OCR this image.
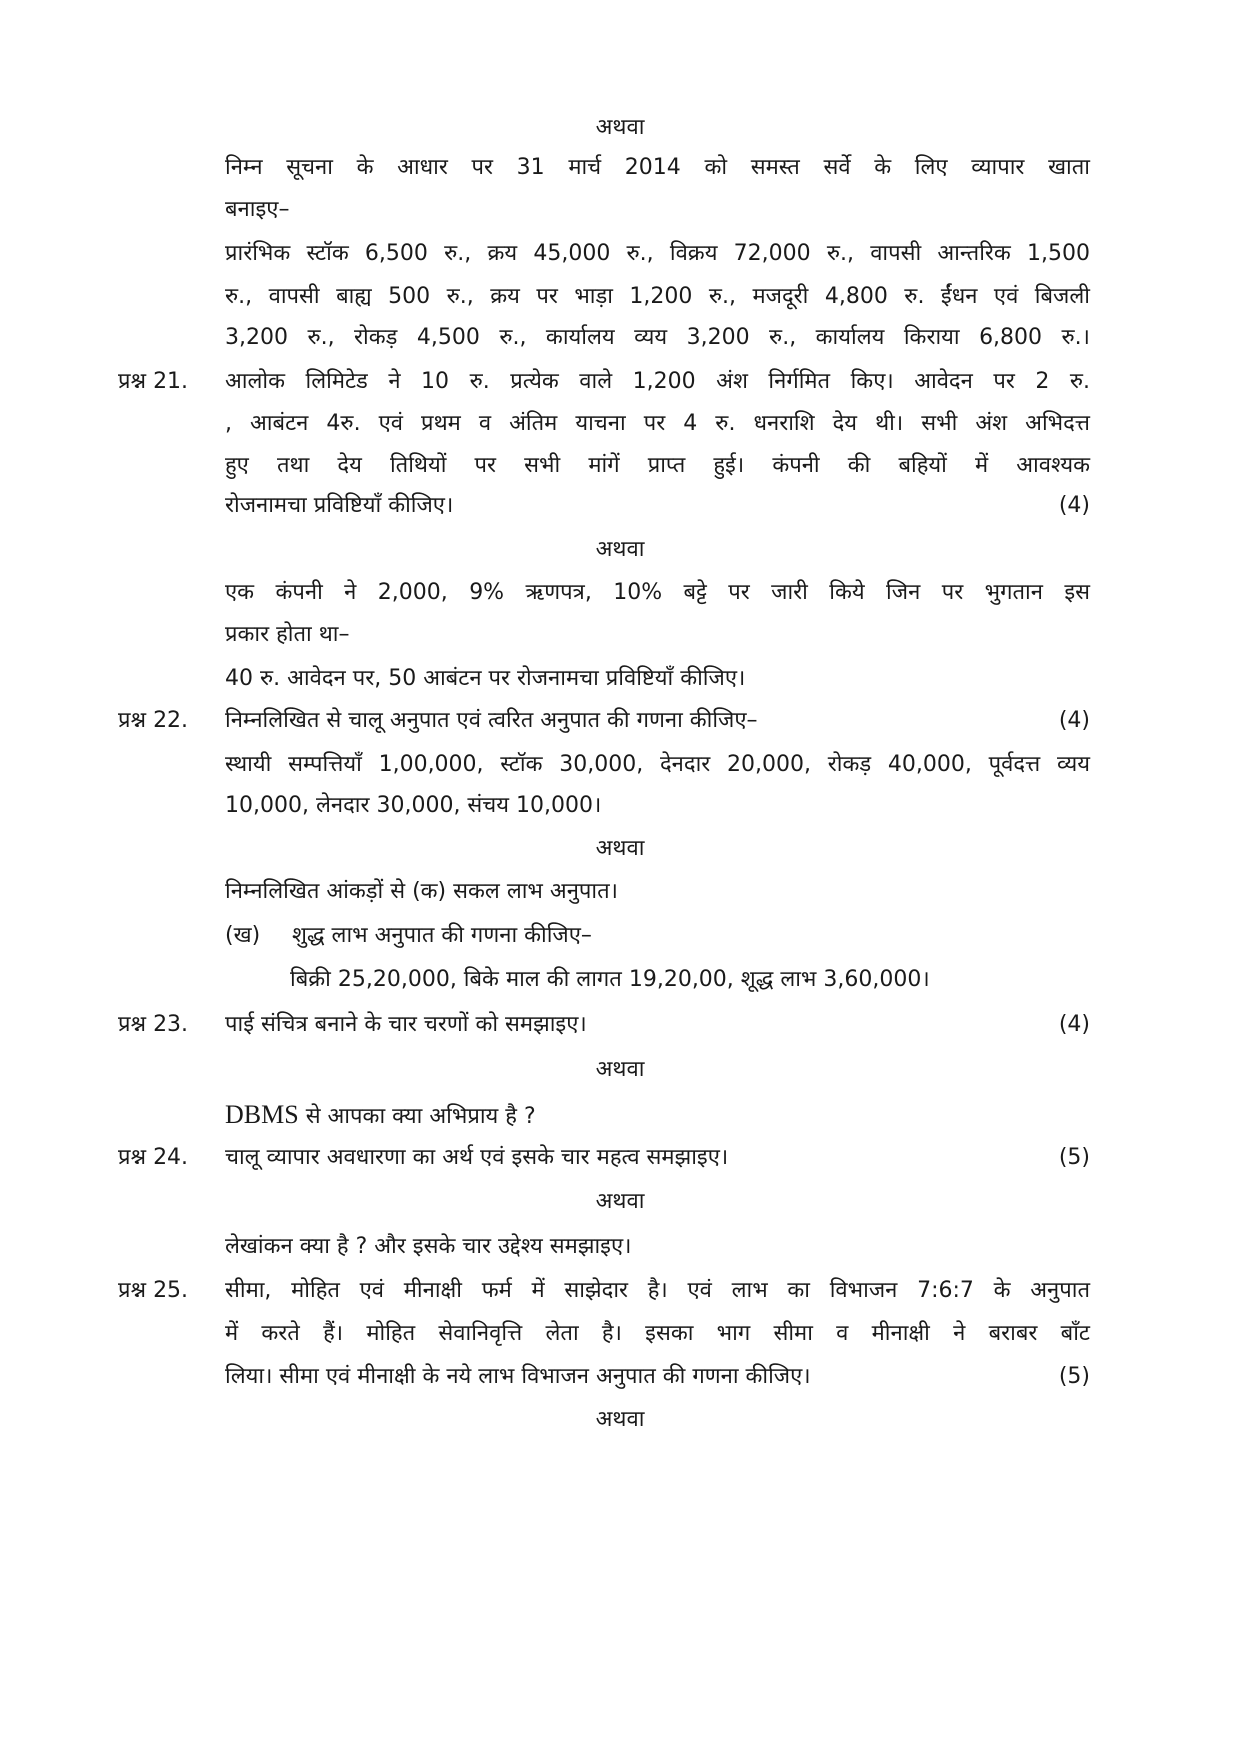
अथवा
निम्न सूचना के आधार पर 31 मार्च 2014 को समस्त सर्वे के लिए व्यापार खाता
बनाइए–
प्रारंभिक स्टॉक 6,500 रु., क्रय 45,000 रु., विक्रय 72,000 रु., वापसी आन्तरिक 1,500
रु., वापसी बाह्य 500 रु., क्रय पर भाड़ा 1,200 रु., मजदूरी 4,800 रु. ईंधन एवं बिजली
3,200 रु., रोकड़ 4,500 रु., कार्यालय व्यय 3,200 रु., कार्यालय किराया 6,800 रु.।
प्रश्न 21. आलोक लिमिटेड ने 10 रु. प्रत्येक वाले 1,200 अंश निर्गमित किए। आवेदन पर 2 रु.
, आबंटन 4रु. एवं प्रथम व अंतिम याचना पर 4 रु. धनराशि देय थी। सभी अंश अभिदत्त
हुए तथा देय तिथियों पर सभी मांगें प्राप्त हुई। कंपनी की बहियों में आवश्यक
रोजनामचा प्रविष्टियाँ कीजिए।	(4)
अथवा
एक कंपनी ने 2,000, 9% ऋणपत्र, 10% बट्टे पर जारी किये जिन पर भुगतान इस
प्रकार होता था–
40 रु. आवेदन पर, 50 आबंटन पर रोजनामचा प्रविष्टियाँ कीजिए।
प्रश्न 22. निम्नलिखित से चालू अनुपात एवं त्वरित अनुपात की गणना कीजिए–	(4)
स्थायी सम्पत्तियाँ 1,00,000, स्टॉक 30,000, देनदार 20,000, रोकड़ 40,000, पूर्वदत्त व्यय
10,000, लेनदार 30,000, संचय 10,000।
अथवा
निम्नलिखित आंकड़ों से (क) सकल लाभ अनुपात।
(ख) शुद्ध लाभ अनुपात की गणना कीजिए–
बिक्री 25,20,000, बिके माल की लागत 19,20,00, शूद्ध लाभ 3,60,000।
प्रश्न 23. पाई संचित्र बनाने के चार चरणों को समझाइए।	(4)
अथवा
DBMS से आपका क्या अभिप्राय है ?
प्रश्न 24. चालू व्यापार अवधारणा का अर्थ एवं इसके चार महत्व समझाइए।	(5)
अथवा
लेखांकन क्या है ? और इसके चार उद्देश्य समझाइए।
प्रश्न 25. सीमा, मोहित एवं मीनाक्षी फर्म में साझेदार है। एवं लाभ का विभाजन 7:6:7 के अनुपात
में करते हैं। मोहित सेवानिवृत्ति लेता है। इसका भाग सीमा व मीनाक्षी ने बराबर बाँट
लिया। सीमा एवं मीनाक्षी के नये लाभ विभाजन अनुपात की गणना कीजिए।	(5)
अथवा
